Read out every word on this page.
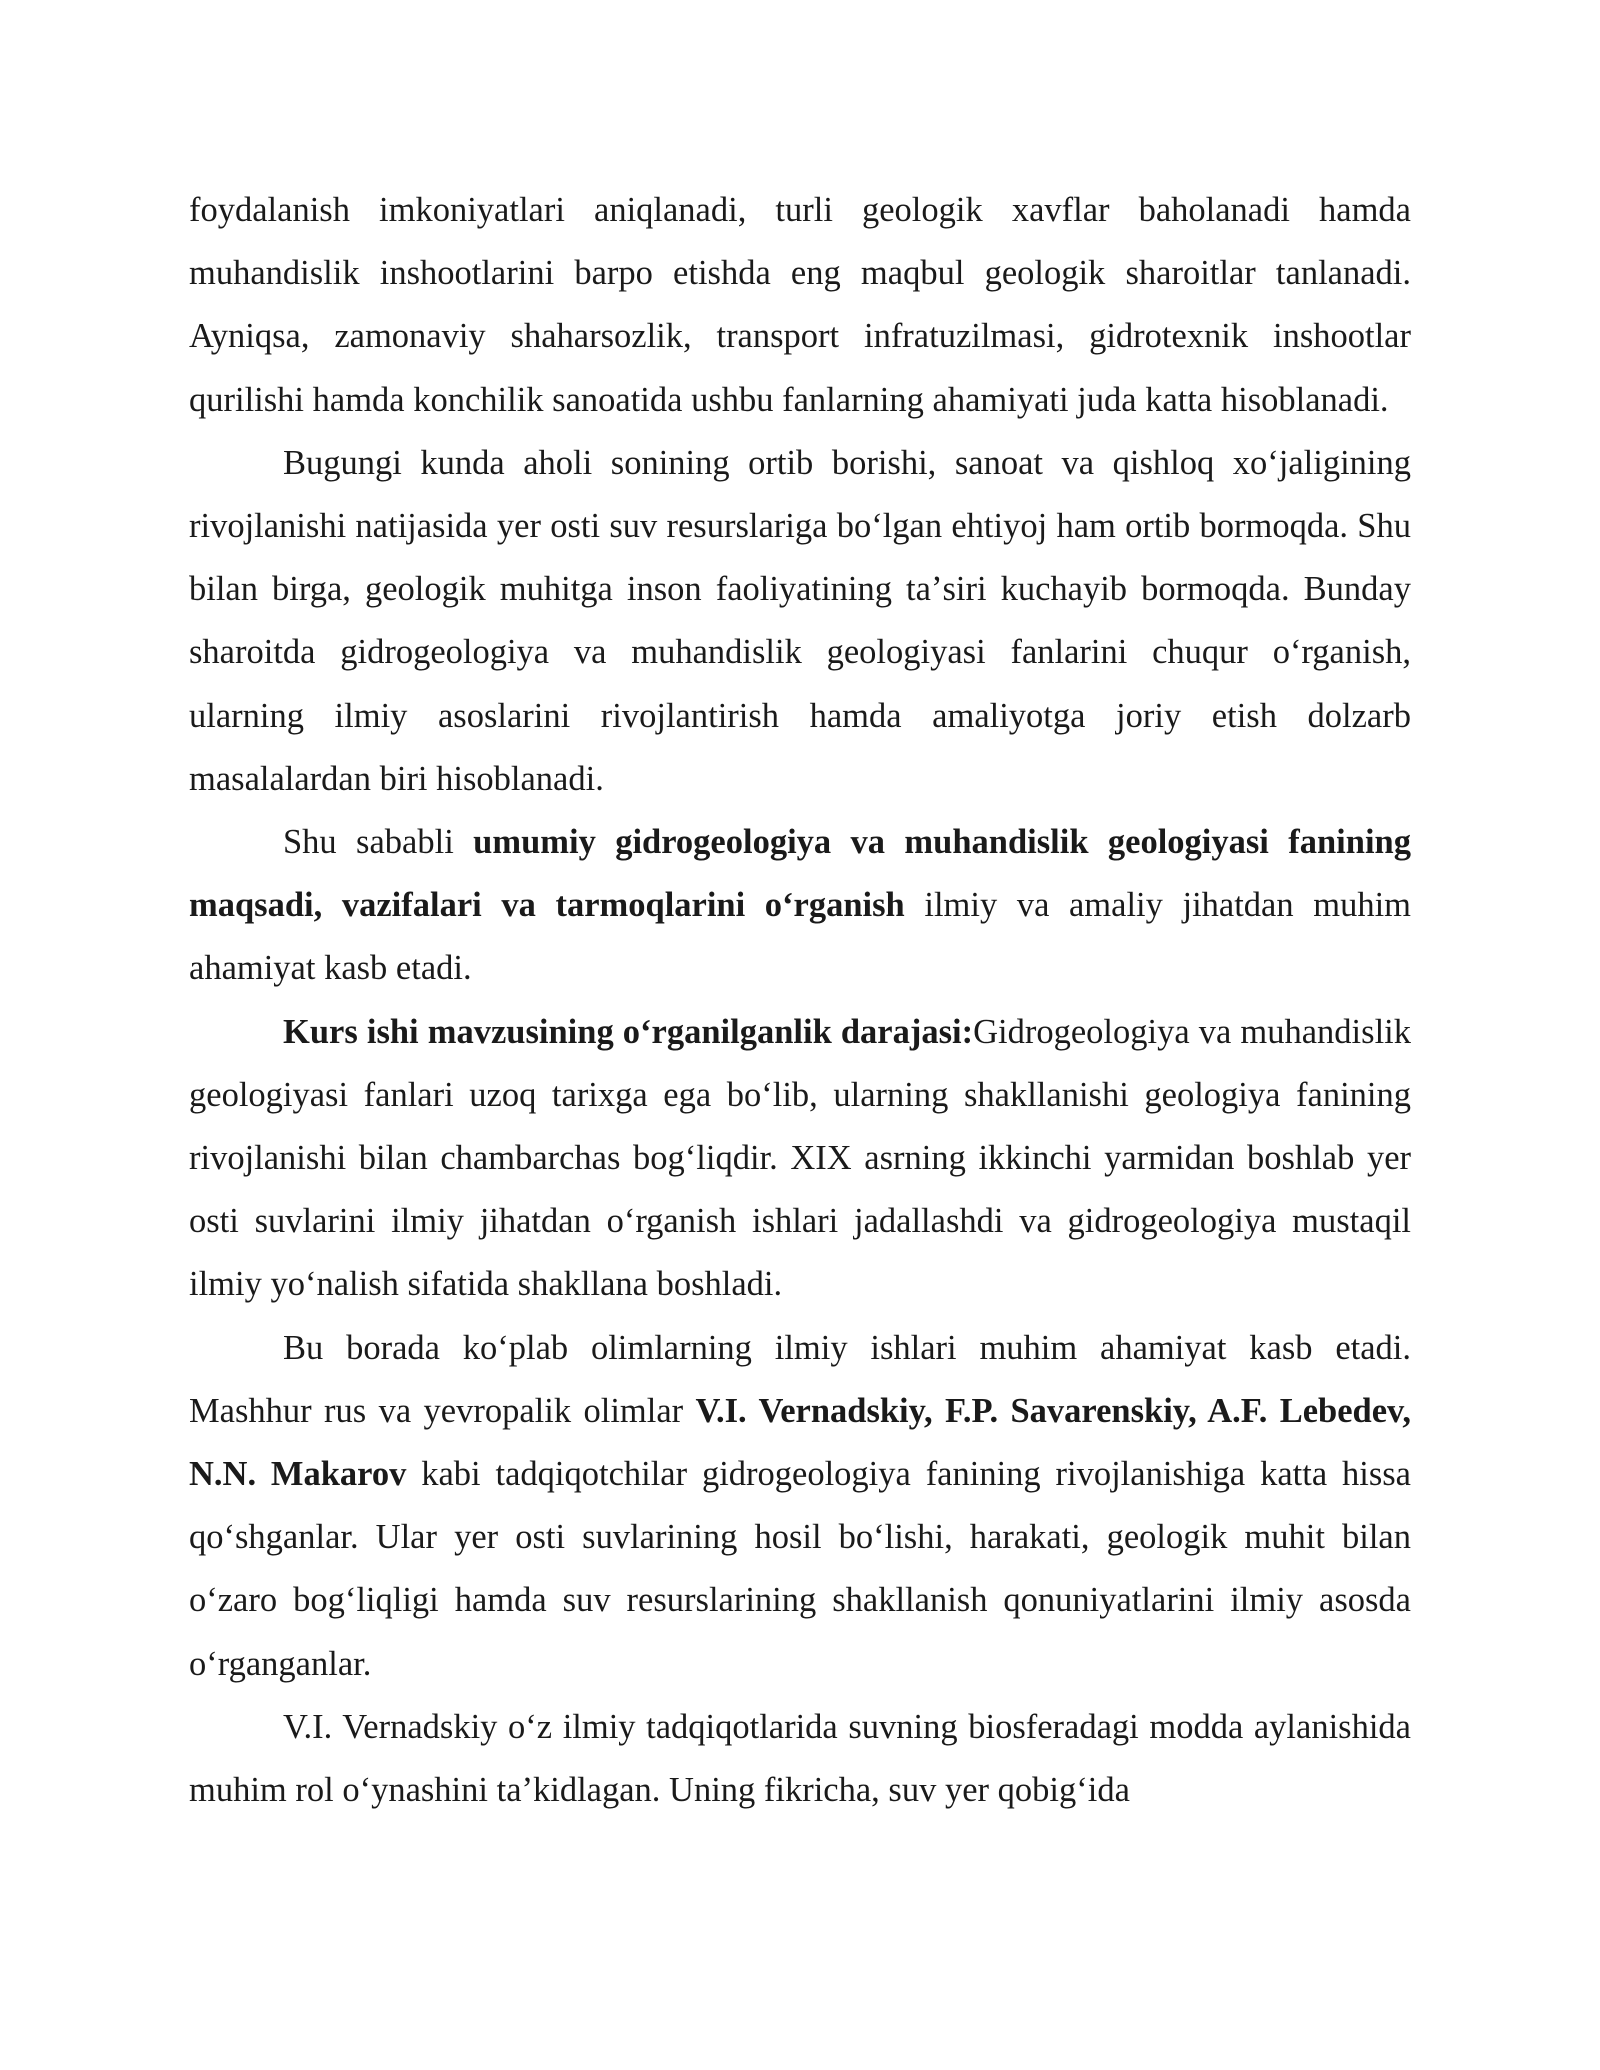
foydalanish imkoniyatlari aniqlanadi, turli geologik xavflar baholanadi hamda muhandislik inshootlarini barpo etishda eng maqbul geologik sharoitlar tanlanadi. Ayniqsa, zamonaviy shaharsozlik, transport infratuzilmasi, gidrotexnik inshootlar qurilishi hamda konchilik sanoatida ushbu fanlarning ahamiyati juda katta hisoblanadi.

Bugungi kunda aholi sonining ortib borishi, sanoat va qishloq xoʻjaligining rivojlanishi natijasida yer osti suv resurslariga boʻlgan ehtiyoj ham ortib bormoqda. Shu bilan birga, geologik muhitga inson faoliyatining taʼsiri kuchayib bormoqda. Bunday sharoitda gidrogeologiya va muhandislik geologiyasi fanlarini chuqur oʻrganish, ularning ilmiy asoslarini rivojlantirish hamda amaliyotga joriy etish dolzarb masalalardan biri hisoblanadi.

Shu sababli umumiy gidrogeologiya va muhandislik geologiyasi fanining maqsadi, vazifalari va tarmoqlarini oʻrganish ilmiy va amaliy jihatdan muhim ahamiyat kasb etadi.

Kurs ishi mavzusining oʻrganilganlik darajasi:Gidrogeologiya va muhandislik geologiyasi fanlari uzoq tarixga ega boʻlib, ularning shakllanishi geologiya fanining rivojlanishi bilan chambarchas bogʻliqdir. XIX asrning ikkinchi yarmidan boshlab yer osti suvlarini ilmiy jihatdan oʻrganish ishlari jadallashdi va gidrogeologiya mustaqil ilmiy yoʻnalish sifatida shakllana boshladi.

Bu borada koʻplab olimlarning ilmiy ishlari muhim ahamiyat kasb etadi. Mashhur rus va yevropalik olimlar V.I. Vernadskiy, F.P. Savarenskiy, A.F. Lebedev, N.N. Makarov kabi tadqiqotchilar gidrogeologiya fanining rivojlanishiga katta hissa qoʻshganlar. Ular yer osti suvlarining hosil boʻlishi, harakati, geologik muhit bilan oʻzaro bogʻliqligi hamda suv resurslarining shakllanish qonuniyatlarini ilmiy asosda oʻrganganlar.

V.I. Vernadskiy oʻz ilmiy tadqiqotlarida suvning biosferadagi modda aylanishida muhim rol oʻynashini taʼkidlagan. Uning fikricha, suv yer qobigʻida
